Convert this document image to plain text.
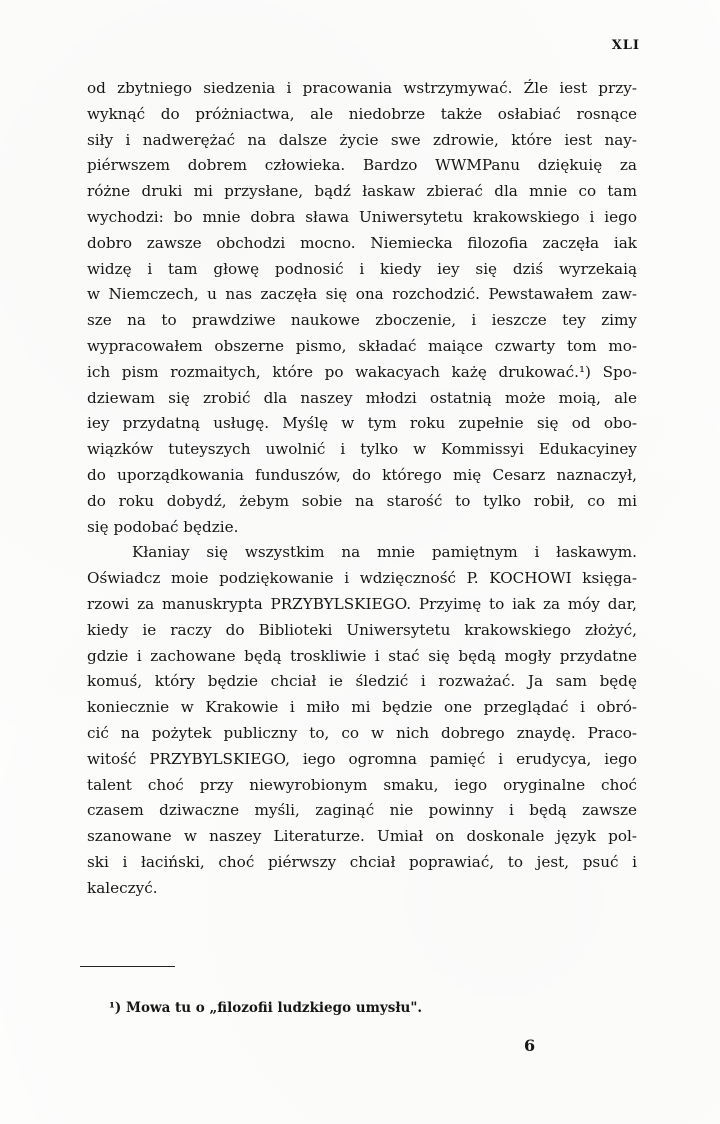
XLI
od zbytniego siedzenia i pracowania wstrzymywać. Źle iest przy-
wyknąć do próżniactwa, ale niedobrze także osłabiać rosnące
siły i nadwerężać na dalsze życie swe zdrowie, które iest nay-
piérwszem dobrem człowieka. Bardzo WWMPanu dziękuię za
różne druki mi przysłane, bądź łaskaw zbierać dla mnie co tam
wychodzi: bo mnie dobra sława Uniwersytetu krakowskiego i iego
dobro zawsze obchodzi mocno. Niemiecka filozofia zaczęła iak
widzę i tam głowę podnosić i kiedy iey się dziś wyrzekaią
w Niemczech, u nas zaczęła się ona rozchodzić. Pewstawałem zaw-
sze na to prawdziwe naukowe zboczenie, i ieszcze tey zimy
wypracowałem obszerne pismo, składać maiące czwarty tom mo-
ich pism rozmaitych, które po wakacyach każę drukować.¹) Spo-
dziewam się zrobić dla naszey młodzi ostatnią może moią, ale
iey przydatną usługę. Myślę w tym roku zupełnie się od obo-
wiązków tuteyszych uwolnić i tylko w Kommissyi Edukacyiney
do uporządkowania funduszów, do którego mię Cesarz naznaczył,
do roku dobydź, żebym sobie na starość to tylko robił, co mi
się podobać będzie.
Kłaniay się wszystkim na mnie pamiętnym i łaskawym.
Oświadcz moie podziękowanie i wdzięczność P. KOCHOWI księga-
rzowi za manuskrypta PRZYBYLSKIEGO. Przyimę to iak za móy dar,
kiedy ie raczy do Biblioteki Uniwersytetu krakowskiego złożyć,
gdzie i zachowane będą troskliwie i stać się będą mogły przydatne
komuś, który będzie chciał ie śledzić i rozważać. Ja sam będę
koniecznie w Krakowie i miło mi będzie one przeglądać i obró-
cić na pożytek publiczny to, co w nich dobrego znaydę. Praco-
witość PRZYBYLSKIEGO, iego ogromna pamięć i erudycya, iego
talent choć przy niewyrobionym smaku, iego oryginalne choć
czasem dziwaczne myśli, zaginąć nie powinny i będą zawsze
szanowane w naszey Literaturze. Umiał on doskonale język pol-
ski i łaciński, choć piérwszy chciał poprawiać, to jest, psuć i
kaleczyć.
¹) Mowa tu o „filozofii ludzkiego umysłu".
6
